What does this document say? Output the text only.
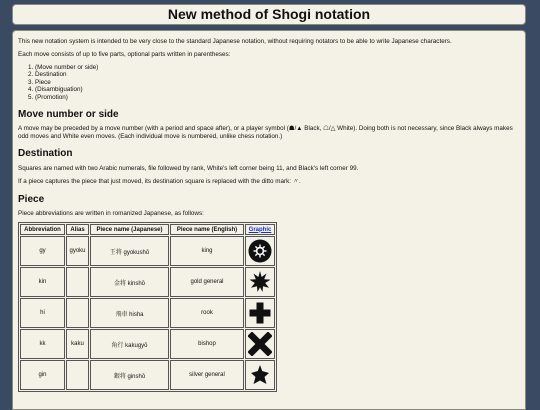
New method of Shogi notation

This new notation system is intended to be very close to the standard Japanese notation, without requiring notators to be able to write Japanese characters.

Each move consists of up to five parts, optional parts written in parentheses:

1. (Move number or side)
2. Destination
3. Piece
4. (Disambiguation)
5. (Promotion)
Move number or side

A move may be preceded by a move number (with a period and space after), or a player symbol (☗/▲ Black, ☖/△ White). Doing both is not necessary, since Black always makes odd moves and White even moves. (Each individual move is numbered, unlike chess notation.)

Destination

Squares are named with two Arabic numerals, file followed by rank, White's left corner being 11, and Black's left corner 99.

If a piece captures the piece that just moved, its destination square is replaced with the ditto mark: 〃.

Piece

Piece abbreviations are written in romanized Japanese, as follows:

Abbreviation	Alias	Piece name (Japanese)	Piece name (English)	Graphic
gy	gyoku	王将 gyokushō	king	

kin		金将 kinshō	gold general	

hi		飛車 hisha	rook	

kk	kaku	角行 kakugyō	bishop	

gin		銀将 ginshō	silver general	
